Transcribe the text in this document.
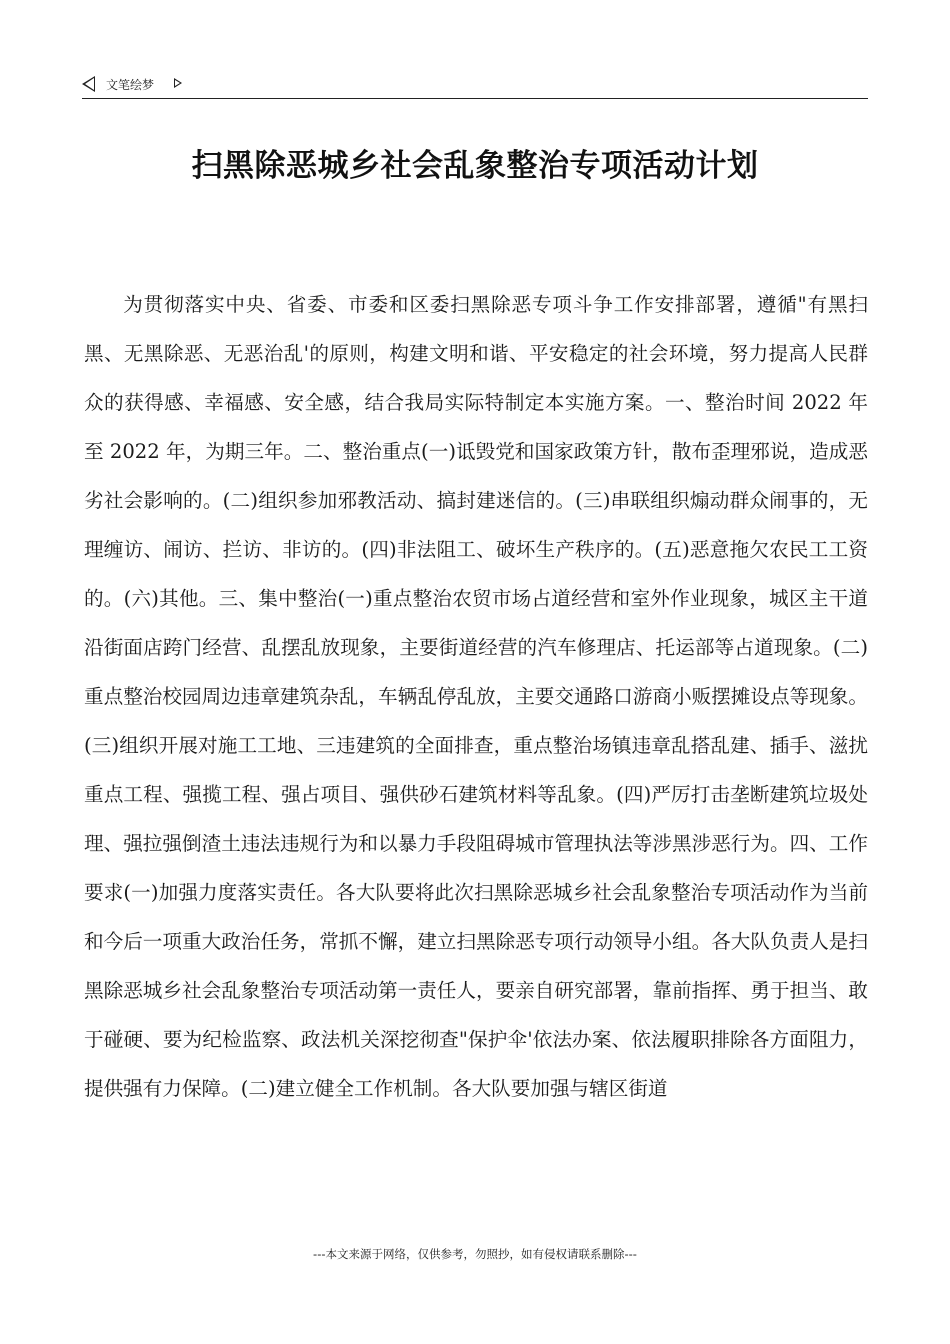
文笔绘梦
扫黑除恶城乡社会乱象整治专项活动计划

为贯彻落实中央、省委、市委和区委扫黑除恶专项斗争工作安排部署，遵循"有黑扫黑、无黑除恶、无恶治乱'的原则，构建文明和谐、平安稳定的社会环境，努力提高人民群众的获得感、幸福感、安全感，结合我局实际特制定本实施方案。一、整治时间 2022 年至 2022 年，为期三年。二、整治重点(一)诋毁党和国家政策方针，散布歪理邪说，造成恶劣社会影响的。(二)组织参加邪教活动、搞封建迷信的。(三)串联组织煽动群众闹事的，无理缠访、闹访、拦访、非访的。(四)非法阻工、破坏生产秩序的。(五)恶意拖欠农民工工资的。(六)其他。三、集中整治(一)重点整治农贸市场占道经营和室外作业现象，城区主干道沿街面店跨门经营、乱摆乱放现象，主要街道经营的汽车修理店、托运部等占道现象。(二)重点整治校园周边违章建筑杂乱，车辆乱停乱放，主要交通路口游商小贩摆摊设点等现象。(三)组织开展对施工工地、三违建筑的全面排查，重点整治场镇违章乱搭乱建、插手、滋扰重点工程、强揽工程、强占项目、强供砂石建筑材料等乱象。(四)严厉打击垄断建筑垃圾处理、强拉强倒渣土违法违规行为和以暴力手段阻碍城市管理执法等涉黑涉恶行为。四、工作要求(一)加强力度落实责任。各大队要将此次扫黑除恶城乡社会乱象整治专项活动作为当前和今后一项重大政治任务，常抓不懈，建立扫黑除恶专项行动领导小组。各大队负责人是扫黑除恶城乡社会乱象整治专项活动第一责任人，要亲自研究部署，靠前指挥、勇于担当、敢于碰硬、要为纪检监察、政法机关深挖彻查"保护伞'依法办案、依法履职排除各方面阻力，提供强有力保障。(二)建立健全工作机制。各大队要加强与辖区街道

---本文来源于网络，仅供参考，勿照抄，如有侵权请联系删除---
